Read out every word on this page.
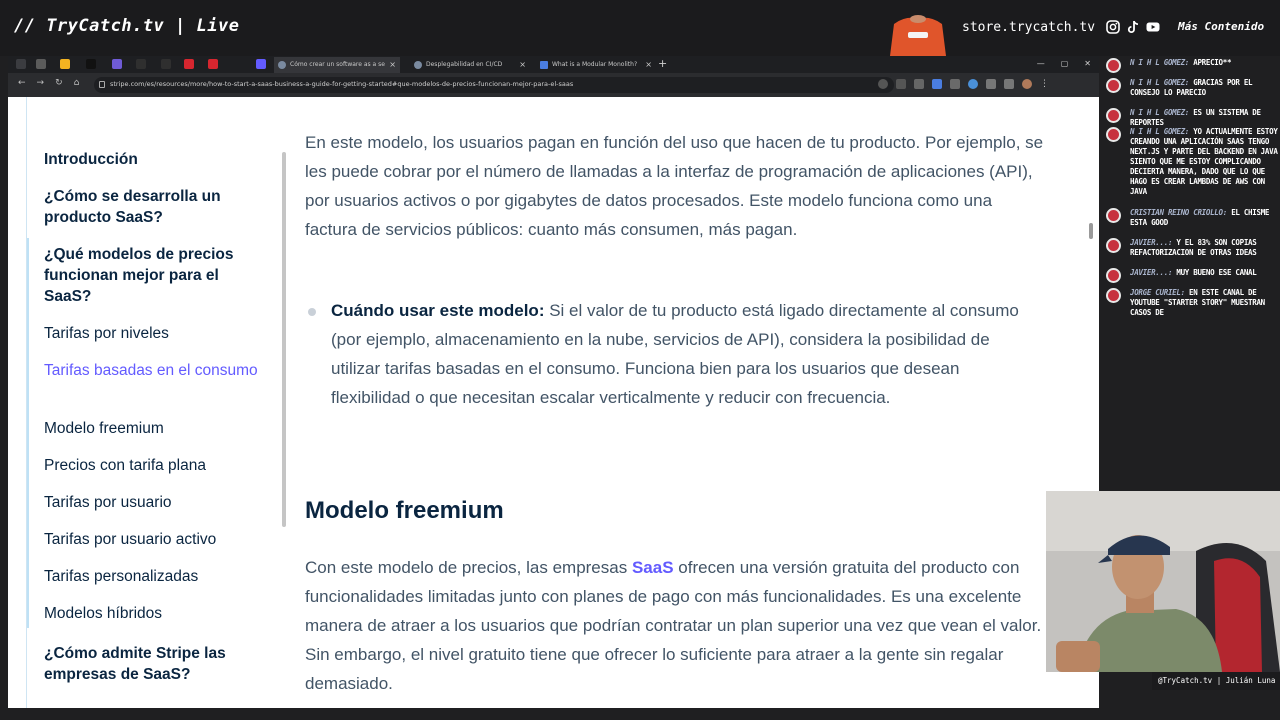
// TryCatch.tv | Live	store.trycatch.tv	Más Contenido
Cómo crear un software as a se ×	Desplegabilidad en CI/CD ×	What is a Modular Monolith? × +	— ▢ ✕
← → ↻ ⌂	stripe.com/es/resources/more/how-to-start-a-saas-business-a-guide-for-getting-started#que-modelos-de-precios-funcionan-mejor-para-el-saas	⋮
Introducción
¿Cómo se desarrolla un producto SaaS?
¿Qué modelos de precios funcionan mejor para el SaaS?
Tarifas por niveles
Tarifas basadas en el consumo
Modelo freemium
Precios con tarifa plana
Tarifas por usuario
Tarifas por usuario activo
Tarifas personalizadas
Modelos híbridos
¿Cómo admite Stripe las empresas de SaaS?

En este modelo, los usuarios pagan en función del uso que hacen de tu producto. Por ejemplo, se les puede cobrar por el número de llamadas a la interfaz de programación de aplicaciones (API), por usuarios activos o por gigabytes de datos procesados. Este modelo funciona como una factura de servicios públicos: cuanto más consumen, más pagan.

Cuándo usar este modelo: Si el valor de tu producto está ligado directamente al consumo (por ejemplo, almacenamiento en la nube, servicios de API), considera la posibilidad de utilizar tarifas basadas en el consumo. Funciona bien para los usuarios que desean flexibilidad o que necesitan escalar verticalmente y reducir con frecuencia.

Modelo freemium

Con este modelo de precios, las empresas SaaS ofrecen una versión gratuita del producto con funcionalidades limitadas junto con planes de pago con más funcionalidades. Es una excelente manera de atraer a los usuarios que podrían contratar un plan superior una vez que vean el valor. Sin embargo, el nivel gratuito tiene que ofrecer lo suficiente para atraer a la gente sin regalar demasiado.

N I H L GOMEZ: APRECIO**
N I H L GOMEZ: GRACIAS POR EL CONSEJO LO PARECIO
N I H L GOMEZ: ES UN SISTEMA DE REPORTES
N I H L GOMEZ: YO ACTUALMENTE ESTOY CREANDO UNA APLICACIÓN SAAS TENGO NEXT.JS Y PARTE DEL BACKEND EN JAVA SIENTO QUE ME ESTOY COMPLICANDO DECIERTA MANERA, DADO QUE LO QUE HAGO ES CREAR LAMBDAS DE AWS CON JAVA
CRISTIAN REINO CRIOLLO: EL CHISME ESTA GOOD
JAVIER...: Y EL 83% SON COPIAS REFACTORIZACION DE OTRAS IDEAS
JAVIER...: MUY BUENO ESE CANAL
JORGE CURIEL: EN ESTE CANAL DE YOUTUBE "STARTER STORY" MUESTRAN CASOS DE
@TryCatch.tv | Julián Luna
